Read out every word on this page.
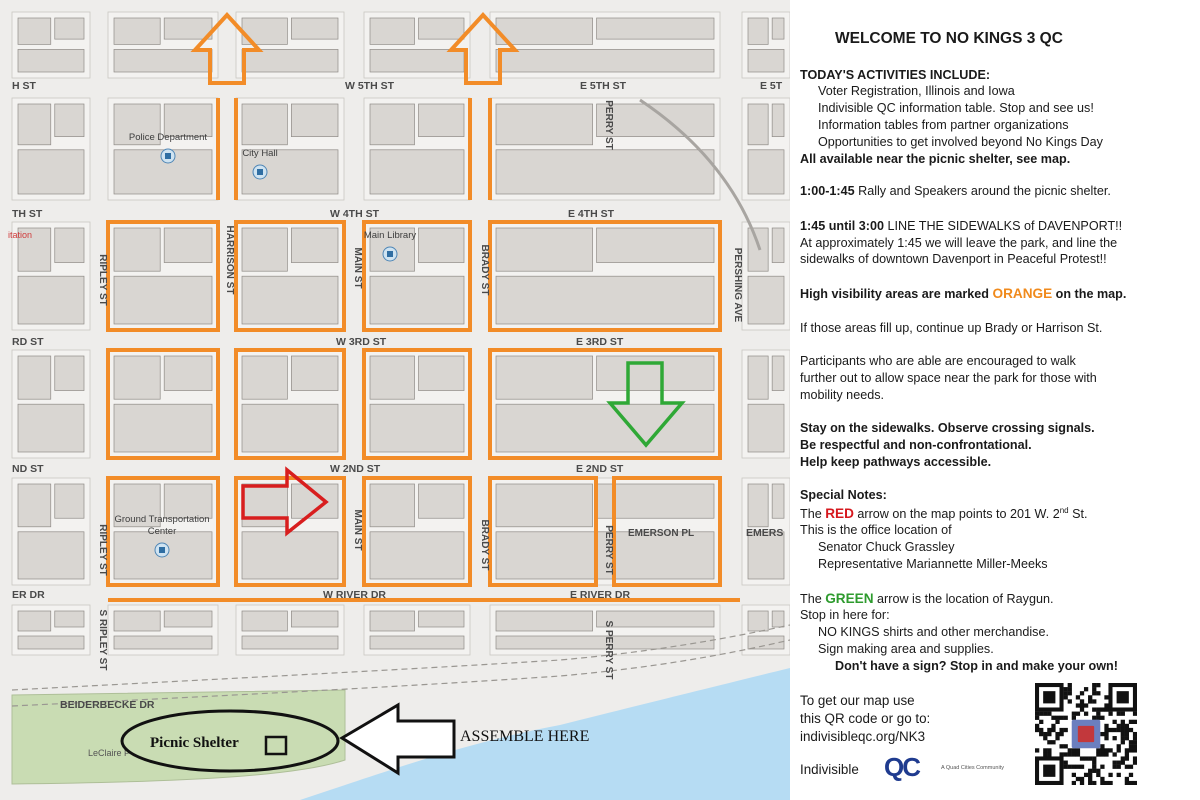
W 5TH ST	E 5TH ST	E 5T
H ST
W 4TH ST	E 4TH ST
TH ST
W 3RD ST	E 3RD ST
RD ST
W 2ND ST	E 2ND ST
ND ST
W RIVER DR	E RIVER DR
ER DR
BEIDERBECKE DR
EMERSON PL	EMERS
HARRISON ST	MAIN ST
MAIN ST
BRADY ST
BRADY ST
RIPLEY ST
RIPLEY ST
S RIPLEY ST
PERRY ST
PERRY ST
S PERRY ST
PERSHING AVE
Police Department
City Hall
Main Library
Ground Transportation
Center
itation
LeClaire P
Picnic Shelter	ASSEMBLE HERE
WELCOME TO NO KINGS 3 QC
TODAY'S ACTIVITIES INCLUDE:
Voter Registration, Illinois and Iowa
Indivisible QC information table. Stop and see us!
Information tables from partner organizations
Opportunities to get involved beyond No Kings Day
All available near the picnic shelter, see map.
1:00-1:45 Rally and Speakers around the picnic shelter.
1:45 until 3:00 LINE THE SIDEWALKS of DAVENPORT!!
At approximately 1:45 we will leave the park, and line the
sidewalks of downtown Davenport in Peaceful Protest!!
High visibility areas are marked ORANGE on the map.
If those areas fill up, continue up Brady or Harrison St.
Participants who are able are encouraged to walk
further out to allow space near the park for those with
mobility needs.
Stay on the sidewalks. Observe crossing signals.
Be respectful and non-confrontational.
Help keep pathways accessible.
Special Notes:
The RED arrow on the map points to 201 W. 2nd St.
This is the office location of
Senator Chuck Grassley
Representative Mariannette Miller-Meeks
The GREEN arrow is the location of Raygun.
Stop in here for:
NO KINGS shirts and other merchandise.
Sign making area and supplies.
Don't have a sign? Stop in and make your own!
To get our map use
this QR code or go to:
indivisibleqc.org/NK3
Indivisible QC	A Quad Cities Community
